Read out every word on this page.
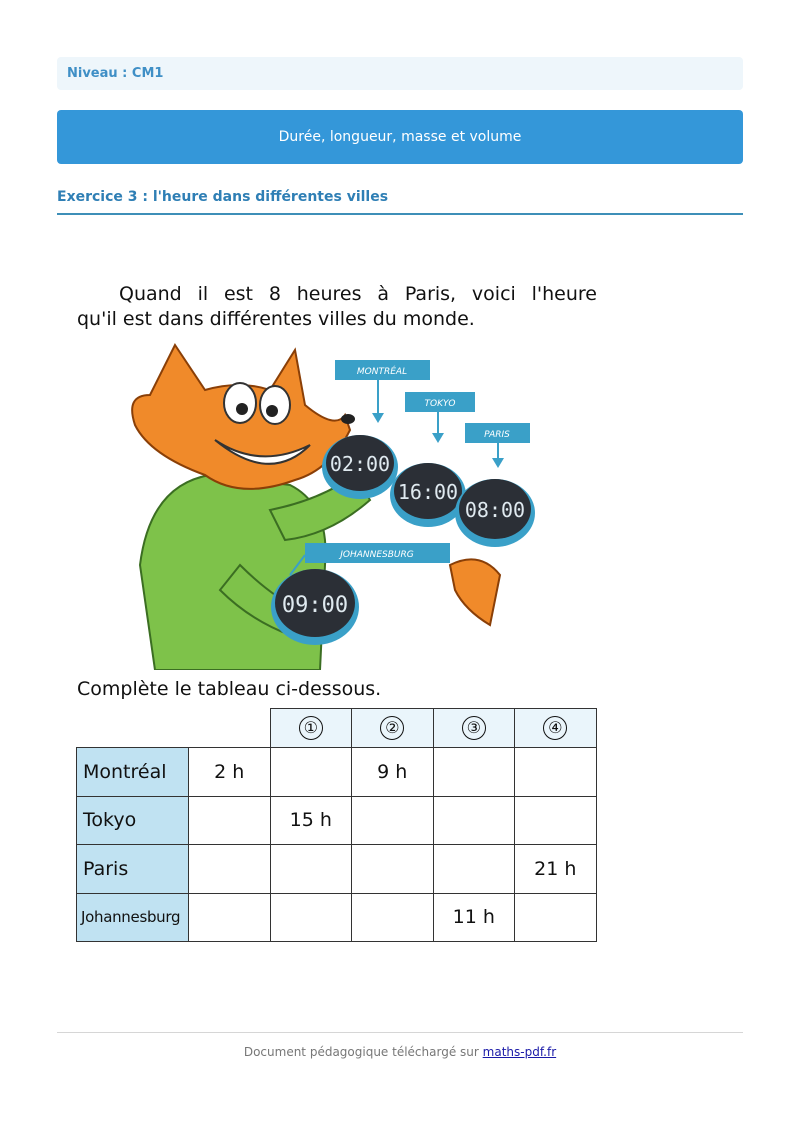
Niveau : CM1
Durée, longueur, masse et volume
Exercice 3 : l'heure dans différentes villes
Quand il est 8 heures à Paris, voici l'heure
qu'il est dans différentes villes du monde.
MONTRÉAL
TOKYO
PARIS
JOHANNESBURG
02:00
16:00
08:00
09:00
Complète le tableau ci-dessous.
		①	②	③	④
Montréal	2 h		9 h		
Tokyo		15 h			
Paris					21 h
Johannesburg				11 h	
Document pédagogique téléchargé sur maths-pdf.fr
